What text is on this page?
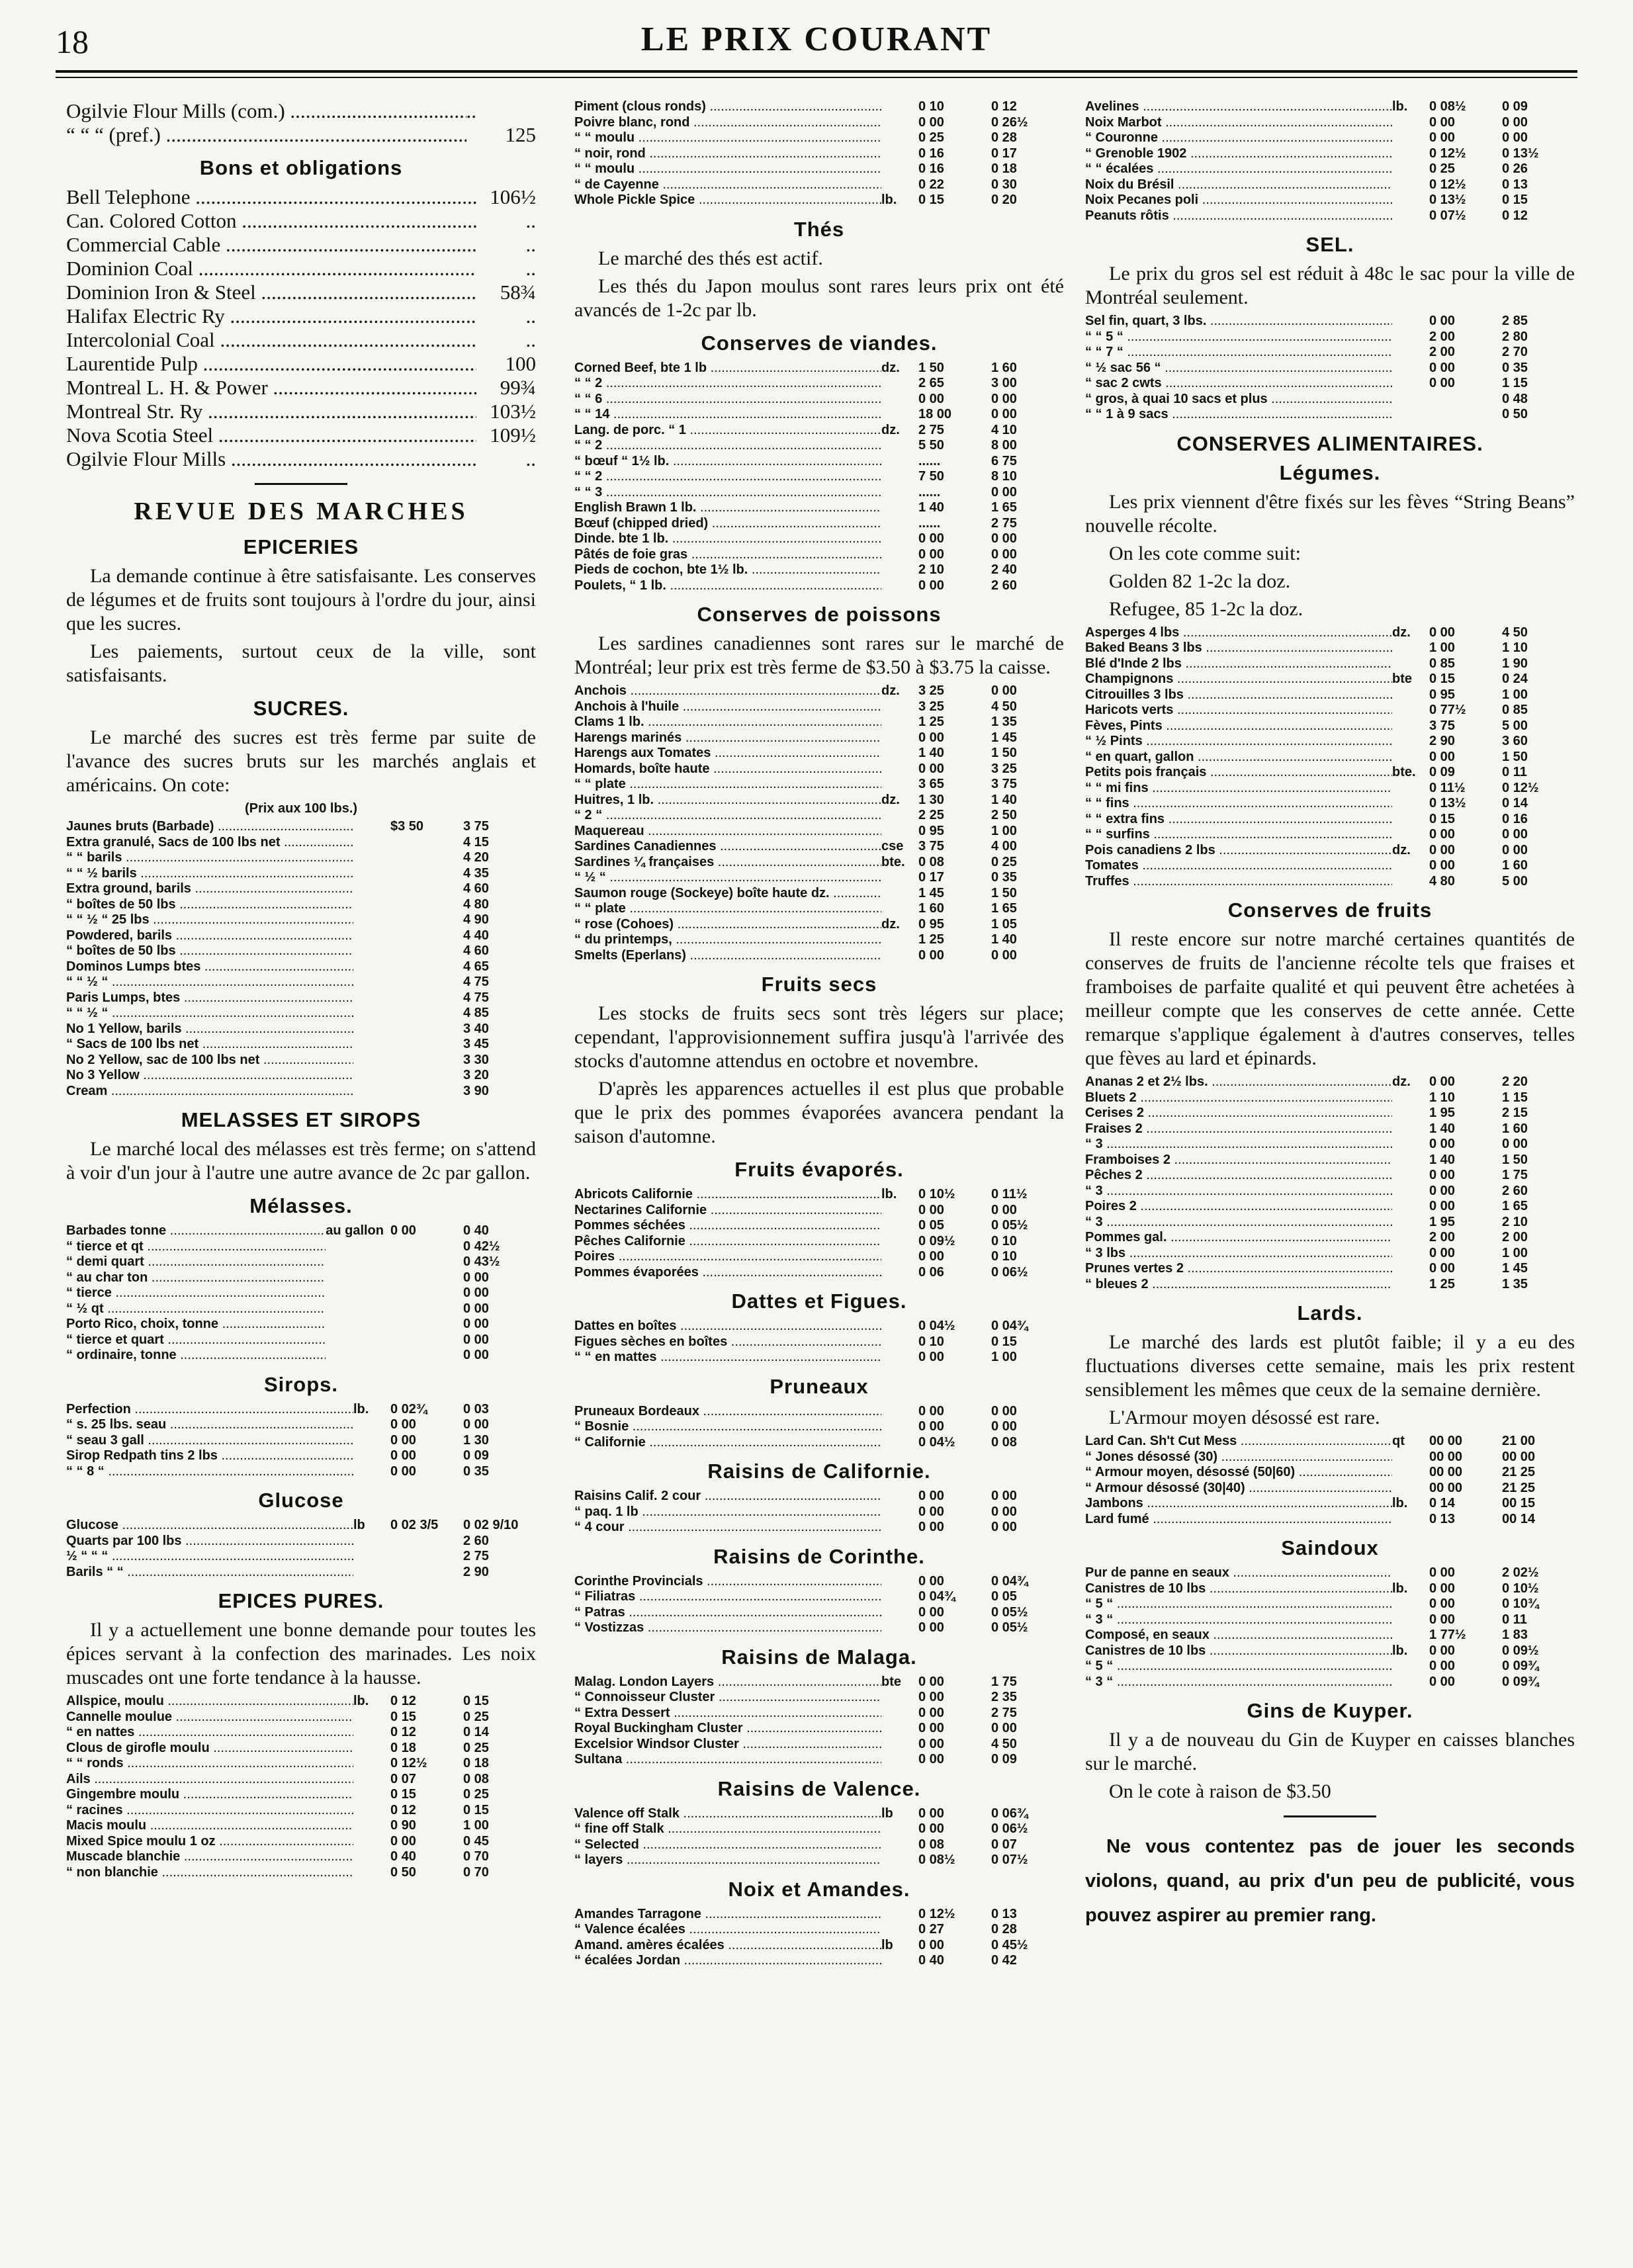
18	LE PRIX COURANT
Ogilvie Flour Mills (com.) .....	..	
“ “ “ (pref.) .....		125
Bons et obligations
Bell Telephone .....	106½
Can. Colored Cotton .....	..
Commercial Cable .....	..
Dominion Coal .....	..
Dominion Iron & Steel .....	58¾
Halifax Electric Ry .....	..
Intercolonial Coal .....	..
Laurentide Pulp .....	100
Montreal L. H. & Power .....	99¾
Montreal Str. Ry .....	103½
Nova Scotia Steel .....	109½
Ogilvie Flour Mills .....	..
REVUE DES MARCHES
EPICERIES

La demande continue à être satisfaisante. Les conserves de légumes et de fruits sont toujours à l'ordre du jour, ainsi que les sucres.

Les paiements, surtout ceux de la ville, sont satisfaisants.

SUCRES.

Le marché des sucres est très ferme par suite de l'avance des sucres bruts sur les marchés anglais et américains. On cote:

(Prix aux 100 lbs.)
Jaunes bruts (Barbade) .....		$3 50	3 75
Extra granulé, Sacs de 100 lbs net .....			4 15
“ “ barils .....			4 20
“ “ ½ barils .....			4 35
Extra ground, barils .....			4 60
“ boîtes de 50 lbs .....			4 80
“ “ ½ “ 25 lbs .....			4 90
Powdered, barils .....			4 40
“ boîtes de 50 lbs .....			4 60
Dominos Lumps btes .....			4 65
“ “ ½ “ .....			4 75
Paris Lumps, btes .....			4 75
“ “ ½ “ .....			4 85
No 1 Yellow, barils .....			3 40
“ Sacs de 100 lbs net .....			3 45
No 2 Yellow, sac de 100 lbs net .....			3 30
No 3 Yellow .....			3 20
Cream .....			3 90
MELASSES ET SIROPS

Le marché local des mélasses est très ferme; on s'attend à voir d'un jour à l'autre une autre avance de 2c par gallon.

Mélasses.
Barbades tonne .....	au gallon	0 00	0 40
“ tierce et qt .....			0 42½
“ demi quart .....			0 43½
“ au char ton .....			0 00
“ tierce .....			0 00
“ ½ qt .....			0 00
Porto Rico, choix, tonne .....			0 00
“ tierce et quart .....			0 00
“ ordinaire, tonne .....			0 00
Sirops.
Perfection .....	lb.	0 02¾	0 03
“ s. 25 lbs. seau .....		0 00	0 00
“ seau 3 gall .....		0 00	1 30
Sirop Redpath tins 2 lbs .....		0 00	0 09
“ “ 8 “ .....		0 00	0 35
Glucose
Glucose .....	lb	0 02 3/5	0 02 9/10
Quarts par 100 lbs .....			2 60
½ “ “ “ .....			2 75
Barils “ “ .....			2 90
EPICES PURES.

Il y a actuellement une bonne demande pour toutes les épices servant à la confection des marinades. Les noix muscades ont une forte tendance à la hausse.

Allspice, moulu .....	lb.	0 12	0 15
Cannelle moulue .....		0 15	0 25
“ en nattes .....		0 12	0 14
Clous de girofle moulu .....		0 18	0 25
“ “ ronds .....		0 12½	0 18
Ails .....		0 07	0 08
Gingembre moulu .....		0 15	0 25
“ racines .....		0 12	0 15
Macis moulu .....		0 90	1 00
Mixed Spice moulu 1 oz .....		0 00	0 45
Muscade blanchie .....		0 40	0 70
“ non blanchie .....		0 50	0 70
Piment (clous ronds) .....		0 10	0 12
Poivre blanc, rond .....		0 00	0 26½
“ “ moulu .....		0 25	0 28
“ noir, rond .....		0 16	0 17
“ “ moulu .....		0 16	0 18
“ de Cayenne .....		0 22	0 30
Whole Pickle Spice .....	lb.	0 15	0 20
Thés

Le marché des thés est actif.

Les thés du Japon moulus sont rares leurs prix ont été avancés de 1-2c par lb.

Conserves de viandes.
Corned Beef, bte 1 lb .....	dz.	1 50	1 60
“ “ 2 .....		2 65	3 00
“ “ 6 .....		0 00	0 00
“ “ 14 .....		18 00	0 00
Lang. de porc. “ 1 .....	dz.	2 75	4 10
“ “ 2 .....		5 50	8 00
“ bœuf “ 1½ lb. .....		......	6 75
“ “ 2 .....		7 50	8 10
“ “ 3 .....		......	0 00
English Brawn 1 lb. .....		1 40	1 65
Bœuf (chipped dried) .....		......	2 75
Dinde. bte 1 lb. .....		0 00	0 00
Pâtés de foie gras .....		0 00	0 00
Pieds de cochon, bte 1½ lb. .....		2 10	2 40
Poulets, “ 1 lb. .....		0 00	2 60
Conserves de poissons

Les sardines canadiennes sont rares sur le marché de Montréal; leur prix est très ferme de $3.50 à $3.75 la caisse.

Anchois .....	dz.	3 25	0 00
Anchois à l'huile .....		3 25	4 50
Clams 1 lb. .....		1 25	1 35
Harengs marinés .....		0 00	1 45
Harengs aux Tomates .....		1 40	1 50
Homards, boîte haute .....		0 00	3 25
“ “ plate .....		3 65	3 75
Huitres, 1 lb. .....	dz.	1 30	1 40
“ 2 “ .....		2 25	2 50
Maquereau .....		0 95	1 00
Sardines Canadiennes .....	cse	3 75	4 00
Sardines ¼ françaises .....	bte.	0 08	0 25
“ ½ “ .....		0 17	0 35
Saumon rouge (Sockeye) boîte haute dz. .....		1 45	1 50
“ “ plate .....		1 60	1 65
“ rose (Cohoes) .....	dz.	0 95	1 05
“ du printemps, .....		1 25	1 40
Smelts (Eperlans) .....		0 00	0 00
Fruits secs

Les stocks de fruits secs sont très légers sur place; cependant, l'approvisionnement suffira jusqu'à l'arrivée des stocks d'automne attendus en octobre et novembre.

D'après les apparences actuelles il est plus que probable que le prix des pommes évaporées avancera pendant la saison d'automne.

Fruits évaporés.
Abricots Californie .....	lb.	0 10½	0 11½
Nectarines Californie .....		0 00	0 00
Pommes séchées .....		0 05	0 05½
Pêches Californie .....		0 09½	0 10
Poires .....		0 00	0 10
Pommes évaporées .....		0 06	0 06½
Dattes et Figues.
Dattes en boîtes .....		0 04½	0 04¾
Figues sèches en boîtes .....		0 10	0 15
“ “ en mattes .....		0 00	1 00
Pruneaux
Pruneaux Bordeaux .....		0 00	0 00
“ Bosnie .....		0 00	0 00
“ Californie .....		0 04½	0 08
Raisins de Californie.
Raisins Calif. 2 cour .....		0 00	0 00
“ paq. 1 lb .....		0 00	0 00
“ 4 cour .....		0 00	0 00
Raisins de Corinthe.
Corinthe Provincials .....		0 00	0 04¾
“ Filiatras .....		0 04¾	0 05
“ Patras .....		0 00	0 05½
“ Vostizzas .....		0 00	0 05½
Raisins de Malaga.
Malag. London Layers .....	bte	0 00	1 75
“ Connoisseur Cluster .....		0 00	2 35
“ Extra Dessert .....		0 00	2 75
Royal Buckingham Cluster .....		0 00	0 00
Excelsior Windsor Cluster .....		0 00	4 50
Sultana .....		0 00	0 09
Raisins de Valence.
Valence off Stalk .....	lb	0 00	0 06¾
“ fine off Stalk .....		0 00	0 06½
“ Selected .....		0 08	0 07
“ layers .....		0 08½	0 07½
Noix et Amandes.
Amandes Tarragone .....		0 12½	0 13
“ Valence écalées .....		0 27	0 28
Amand. amères écalées .....	lb	0 00	0 45½
“ écalées Jordan .....		0 40	0 42
Avelines .....	lb.	0 08½	0 09
Noix Marbot .....		0 00	0 00
“ Couronne .....		0 00	0 00
“ Grenoble 1902 .....		0 12½	0 13½
“ “ écalées .....		0 25	0 26
Noix du Brésil .....		0 12½	0 13
Noix Pecanes poli .....		0 13½	0 15
Peanuts rôtis .....		0 07½	0 12
SEL.

Le prix du gros sel est réduit à 48c le sac pour la ville de Montréal seulement.

Sel fin, quart, 3 lbs. .....		0 00	2 85
“ “ 5 “ .....		2 00	2 80
“ “ 7 “ .....		2 00	2 70
“ ½ sac 56 “ .....		0 00	0 35
“ sac 2 cwts .....		0 00	1 15
“ gros, à quai 10 sacs et plus .....			0 48
“ “ 1 à 9 sacs .....			0 50
CONSERVES ALIMENTAIRES.
Légumes.

Les prix viennent d'être fixés sur les fèves “String Beans” nouvelle récolte.

On les cote comme suit:

Golden 82 1-2c la doz.

Refugee, 85 1-2c la doz.

Asperges 4 lbs .....	dz.	0 00	4 50
Baked Beans 3 lbs .....		1 00	1 10
Blé d'Inde 2 lbs .....		0 85	1 90
Champignons .....	bte	0 15	0 24
Citrouilles 3 lbs .....		0 95	1 00
Haricots verts .....		0 77½	0 85
Fèves, Pints .....		3 75	5 00
“ ½ Pints .....		2 90	3 60
“ en quart, gallon .....		0 00	1 50
Petits pois français .....	bte.	0 09	0 11
“ “ mi fins .....		0 11½	0 12½
“ “ fins .....		0 13½	0 14
“ “ extra fins .....		0 15	0 16
“ “ surfins .....		0 00	0 00
Pois canadiens 2 lbs .....	dz.	0 00	0 00
Tomates .....		0 00	1 60
Truffes .....		4 80	5 00
Conserves de fruits

Il reste encore sur notre marché certaines quantités de conserves de fruits de l'ancienne récolte tels que fraises et framboises de parfaite qualité et qui peuvent être achetées à meilleur compte que les conserves de cette année. Cette remarque s'applique également à d'autres conserves, telles que fèves au lard et épinards.

Ananas 2 et 2½ lbs. .....	dz.	0 00	2 20
Bluets 2 .....		1 10	1 15
Cerises 2 .....		1 95	2 15
Fraises 2 .....		1 40	1 60
“ 3 .....		0 00	0 00
Framboises 2 .....		1 40	1 50
Pêches 2 .....		0 00	1 75
“ 3 .....		0 00	2 60
Poires 2 .....		0 00	1 65
“ 3 .....		1 95	2 10
Pommes gal. .....		2 00	2 00
“ 3 lbs .....		0 00	1 00
Prunes vertes 2 .....		0 00	1 45
“ bleues 2 .....		1 25	1 35
Lards.

Le marché des lards est plutôt faible; il y a eu des fluctuations diverses cette semaine, mais les prix restent sensiblement les mêmes que ceux de la semaine dernière.

L'Armour moyen désossé est rare.

Lard Can. Sh't Cut Mess .....	qt	00 00	21 00
“ Jones désossé (30) .....		00 00	00 00
“ Armour moyen, désossé (50|60) .....		00 00	21 25
“ Armour désossé (30|40) .....		00 00	21 25
Jambons .....	lb.	0 14	00 15
Lard fumé .....		0 13	00 14
Saindoux
Pur de panne en seaux .....		0 00	2 02½
Canistres de 10 lbs .....	lb.	0 00	0 10½
“ 5 “ .....		0 00	0 10¾
“ 3 “ .....		0 00	0 11
Composé, en seaux .....		1 77½	1 83
Canistres de 10 lbs .....	lb.	0 00	0 09½
“ 5 “ .....		0 00	0 09¾
“ 3 “ .....		0 00	0 09¾
Gins de Kuyper.

Il y a de nouveau du Gin de Kuyper en caisses blanches sur le marché.

On le cote à raison de $3.50

Ne vous contentez pas de jouer les seconds violons, quand, au prix d'un peu de publicité, vous pouvez aspirer au premier rang.
